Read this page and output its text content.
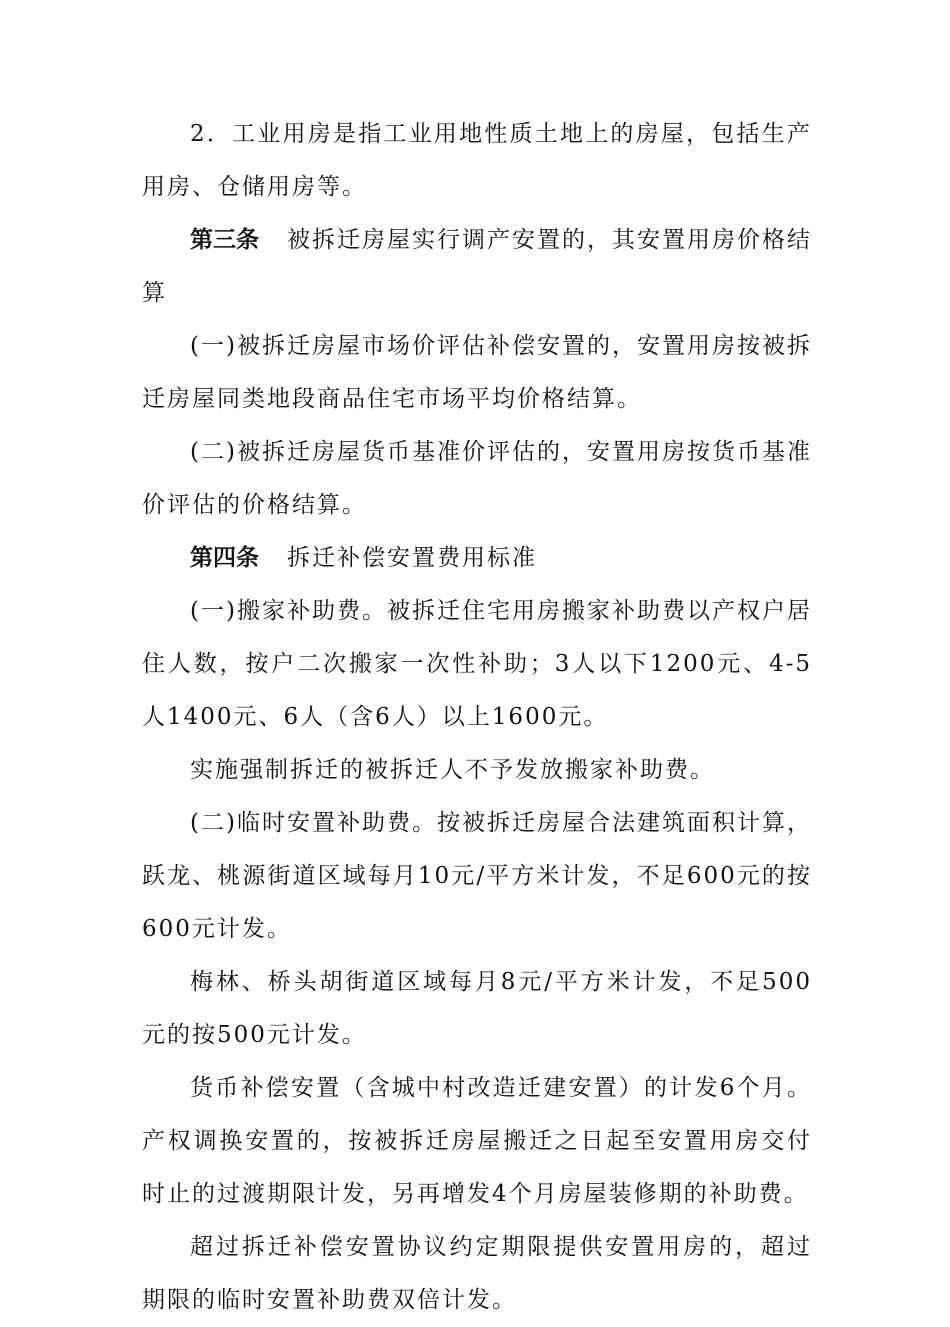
2．工业用房是指工业用地性质土地上的房屋，包括生产用房、仓储用房等。

第三条 被拆迁房屋实行调产安置的，其安置用房价格结算

(一)被拆迁房屋市场价评估补偿安置的，安置用房按被拆迁房屋同类地段商品住宅市场平均价格结算。

(二)被拆迁房屋货币基准价评估的，安置用房按货币基准价评估的价格结算。

第四条 拆迁补偿安置费用标准

(一)搬家补助费。被拆迁住宅用房搬家补助费以产权户居住人数，按户二次搬家一次性补助；3人以下1200元、4-5人1400元、6人（含6人）以上1600元。

实施强制拆迁的被拆迁人不予发放搬家补助费。

(二)临时安置补助费。按被拆迁房屋合法建筑面积计算，跃龙、桃源街道区域每月10元/平方米计发，不足600元的按600元计发。

梅林、桥头胡街道区域每月8元/平方米计发，不足500元的按500元计发。

货币补偿安置（含城中村改造迁建安置）的计发6个月。产权调换安置的，按被拆迁房屋搬迁之日起至安置用房交付时止的过渡期限计发，另再增发4个月房屋装修期的补助费。

超过拆迁补偿安置协议约定期限提供安置用房的，超过期限的临时安置补助费双倍计发。
